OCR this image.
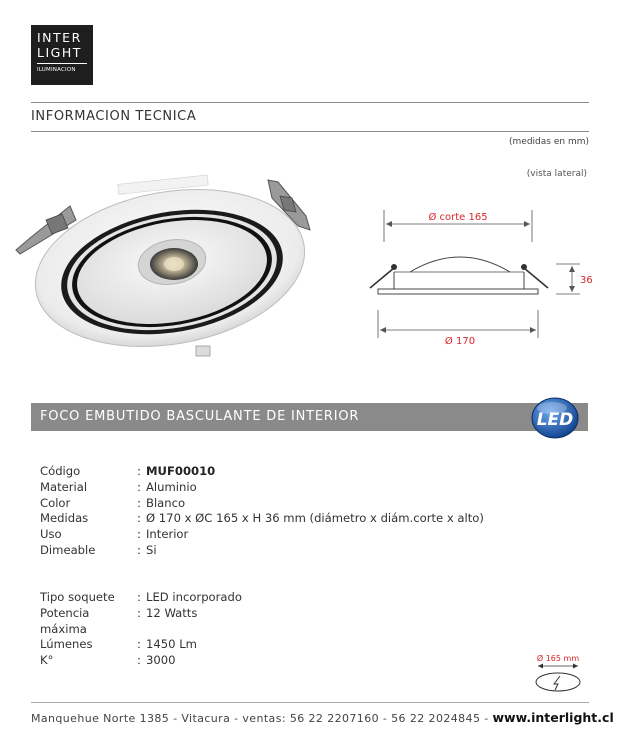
INTER
LIGHT
ILUMINACION
INFORMACION TECNICA
(medidas en mm)
(vista lateral)
Ø corte 165
36
Ø 170
FOCO EMBUTIDO BASCULANTE DE INTERIOR	LED
Código	: MUF00010
Material	: Aluminio
Color	: Blanco
Medidas	: Ø 170 x ØC 165 x H 36 mm (diámetro x diám.corte x alto)
Uso	: Interior
Dimeable	: Si
Tipo soquete	: LED incorporado
Potencia máxima
: 12 Watts
Lúmenes	: 1450 Lm
K°	: 3000	Ø 165 mm
Manquehue Norte 1385 - Vitacura - ventas: 56 22 2207160 - 56 22 2024845 - www.interlight.cl
